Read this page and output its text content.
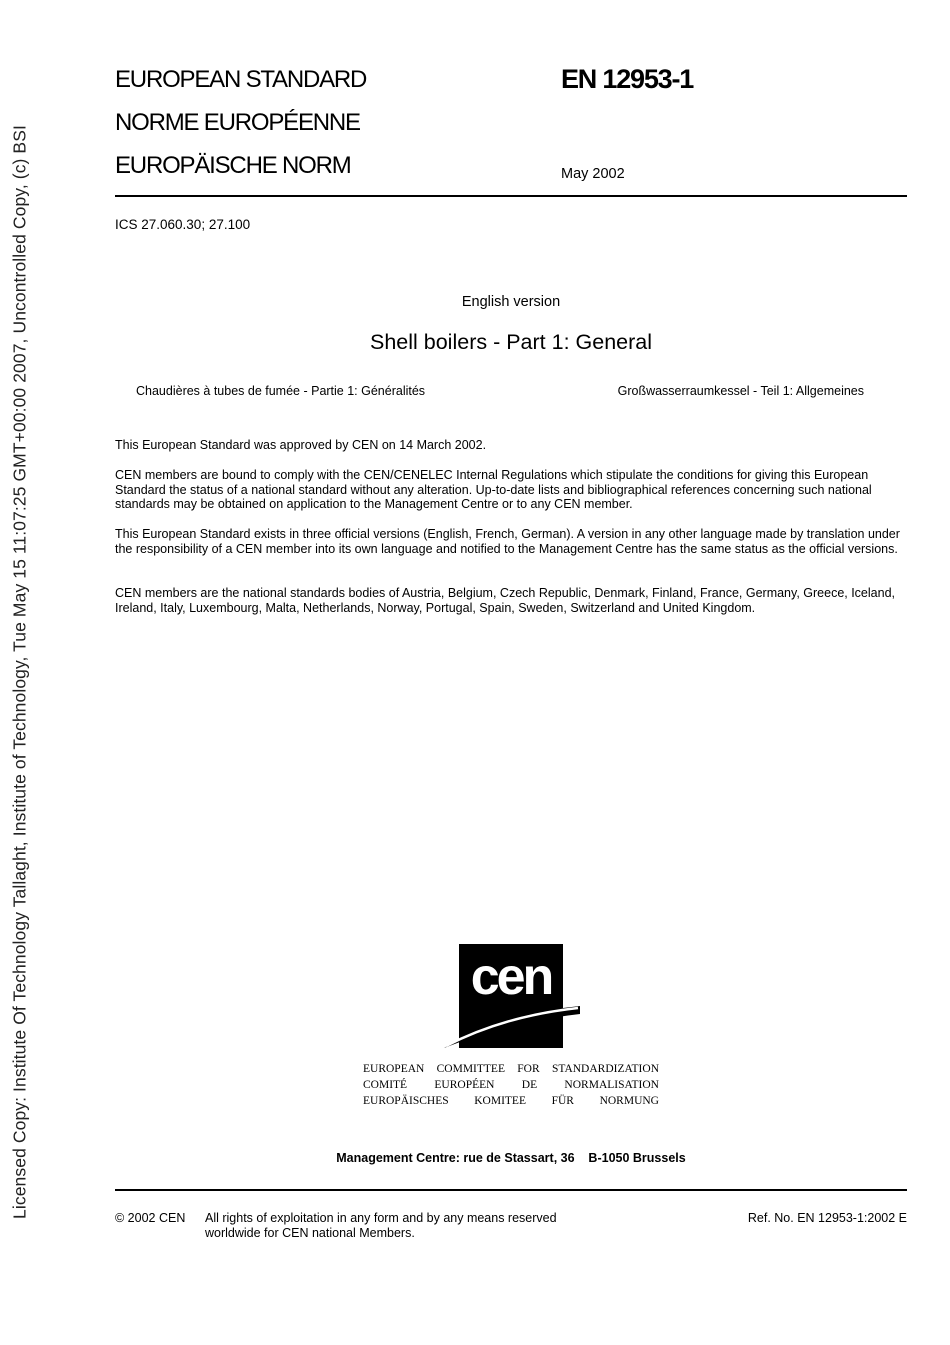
Licensed Copy: Institute Of Technology Tallaght, Institute of Technology, Tue May 15 11:07:25 GMT+00:00 2007, Uncontrolled Copy, (c) BSI
EUROPEAN STANDARD
NORME EUROPÉENNE
EUROPÄISCHE NORM
EN 12953-1
May 2002
ICS 27.060.30; 27.100
English version
Shell boilers - Part 1: General
Chaudières à tubes de fumée - Partie 1: Généralités	Großwasserraumkessel - Teil 1: Allgemeines
This European Standard was approved by CEN on 14 March 2002.
CEN members are bound to comply with the CEN/CENELEC Internal Regulations which stipulate the conditions for giving this European Standard the status of a national standard without any alteration. Up-to-date lists and bibliographical references concerning such national standards may be obtained on application to the Management Centre or to any CEN member.
This European Standard exists in three official versions (English, French, German). A version in any other language made by translation under the responsibility of a CEN member into its own language and notified to the Management Centre has the same status as the official versions.
CEN members are the national standards bodies of Austria, Belgium, Czech Republic, Denmark, Finland, France, Germany, Greece, Iceland, Ireland, Italy, Luxembourg, Malta, Netherlands, Norway, Portugal, Spain, Sweden, Switzerland and United Kingdom.
cen
EUROPEAN COMMITTEE FOR STANDARDIZATION
COMITÉ EUROPÉEN DE NORMALISATION
EUROPÄISCHES KOMITEE FÜR NORMUNG
Management Centre: rue de Stassart, 36    B-1050 Brussels
© 2002 CEN All rights of exploitation in any form and by any means reserved
worldwide for CEN national Members.
Ref. No. EN 12953-1:2002 E
